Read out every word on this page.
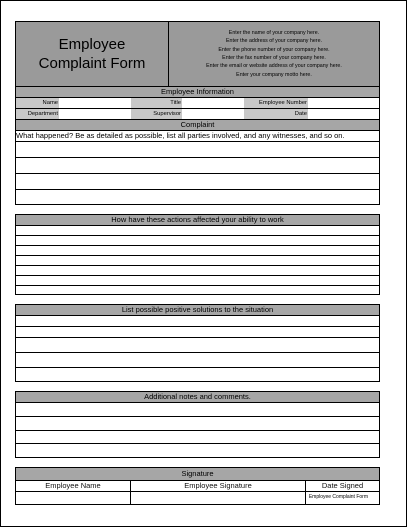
Employee
Complaint Form
Enter the name of your company here.
Enter the address of your company here.
Enter the phone number of your company here.
Enter the fax number of your company here.
Enter the email or website address of your company here.
Enter your company motto here.
Employee Information
Name	Title	Employee Number
Department	Supervisor	Date
Complaint
What happened? Be as detailed as possible, list all parties involved, and any witnesses, and so on.
How have these actions affected your ability to work
List possible positive solutions to the situation
Additional notes and comments.
Signature
Employee Name	Employee Signature	Date Signed
Employee Complaint Form
